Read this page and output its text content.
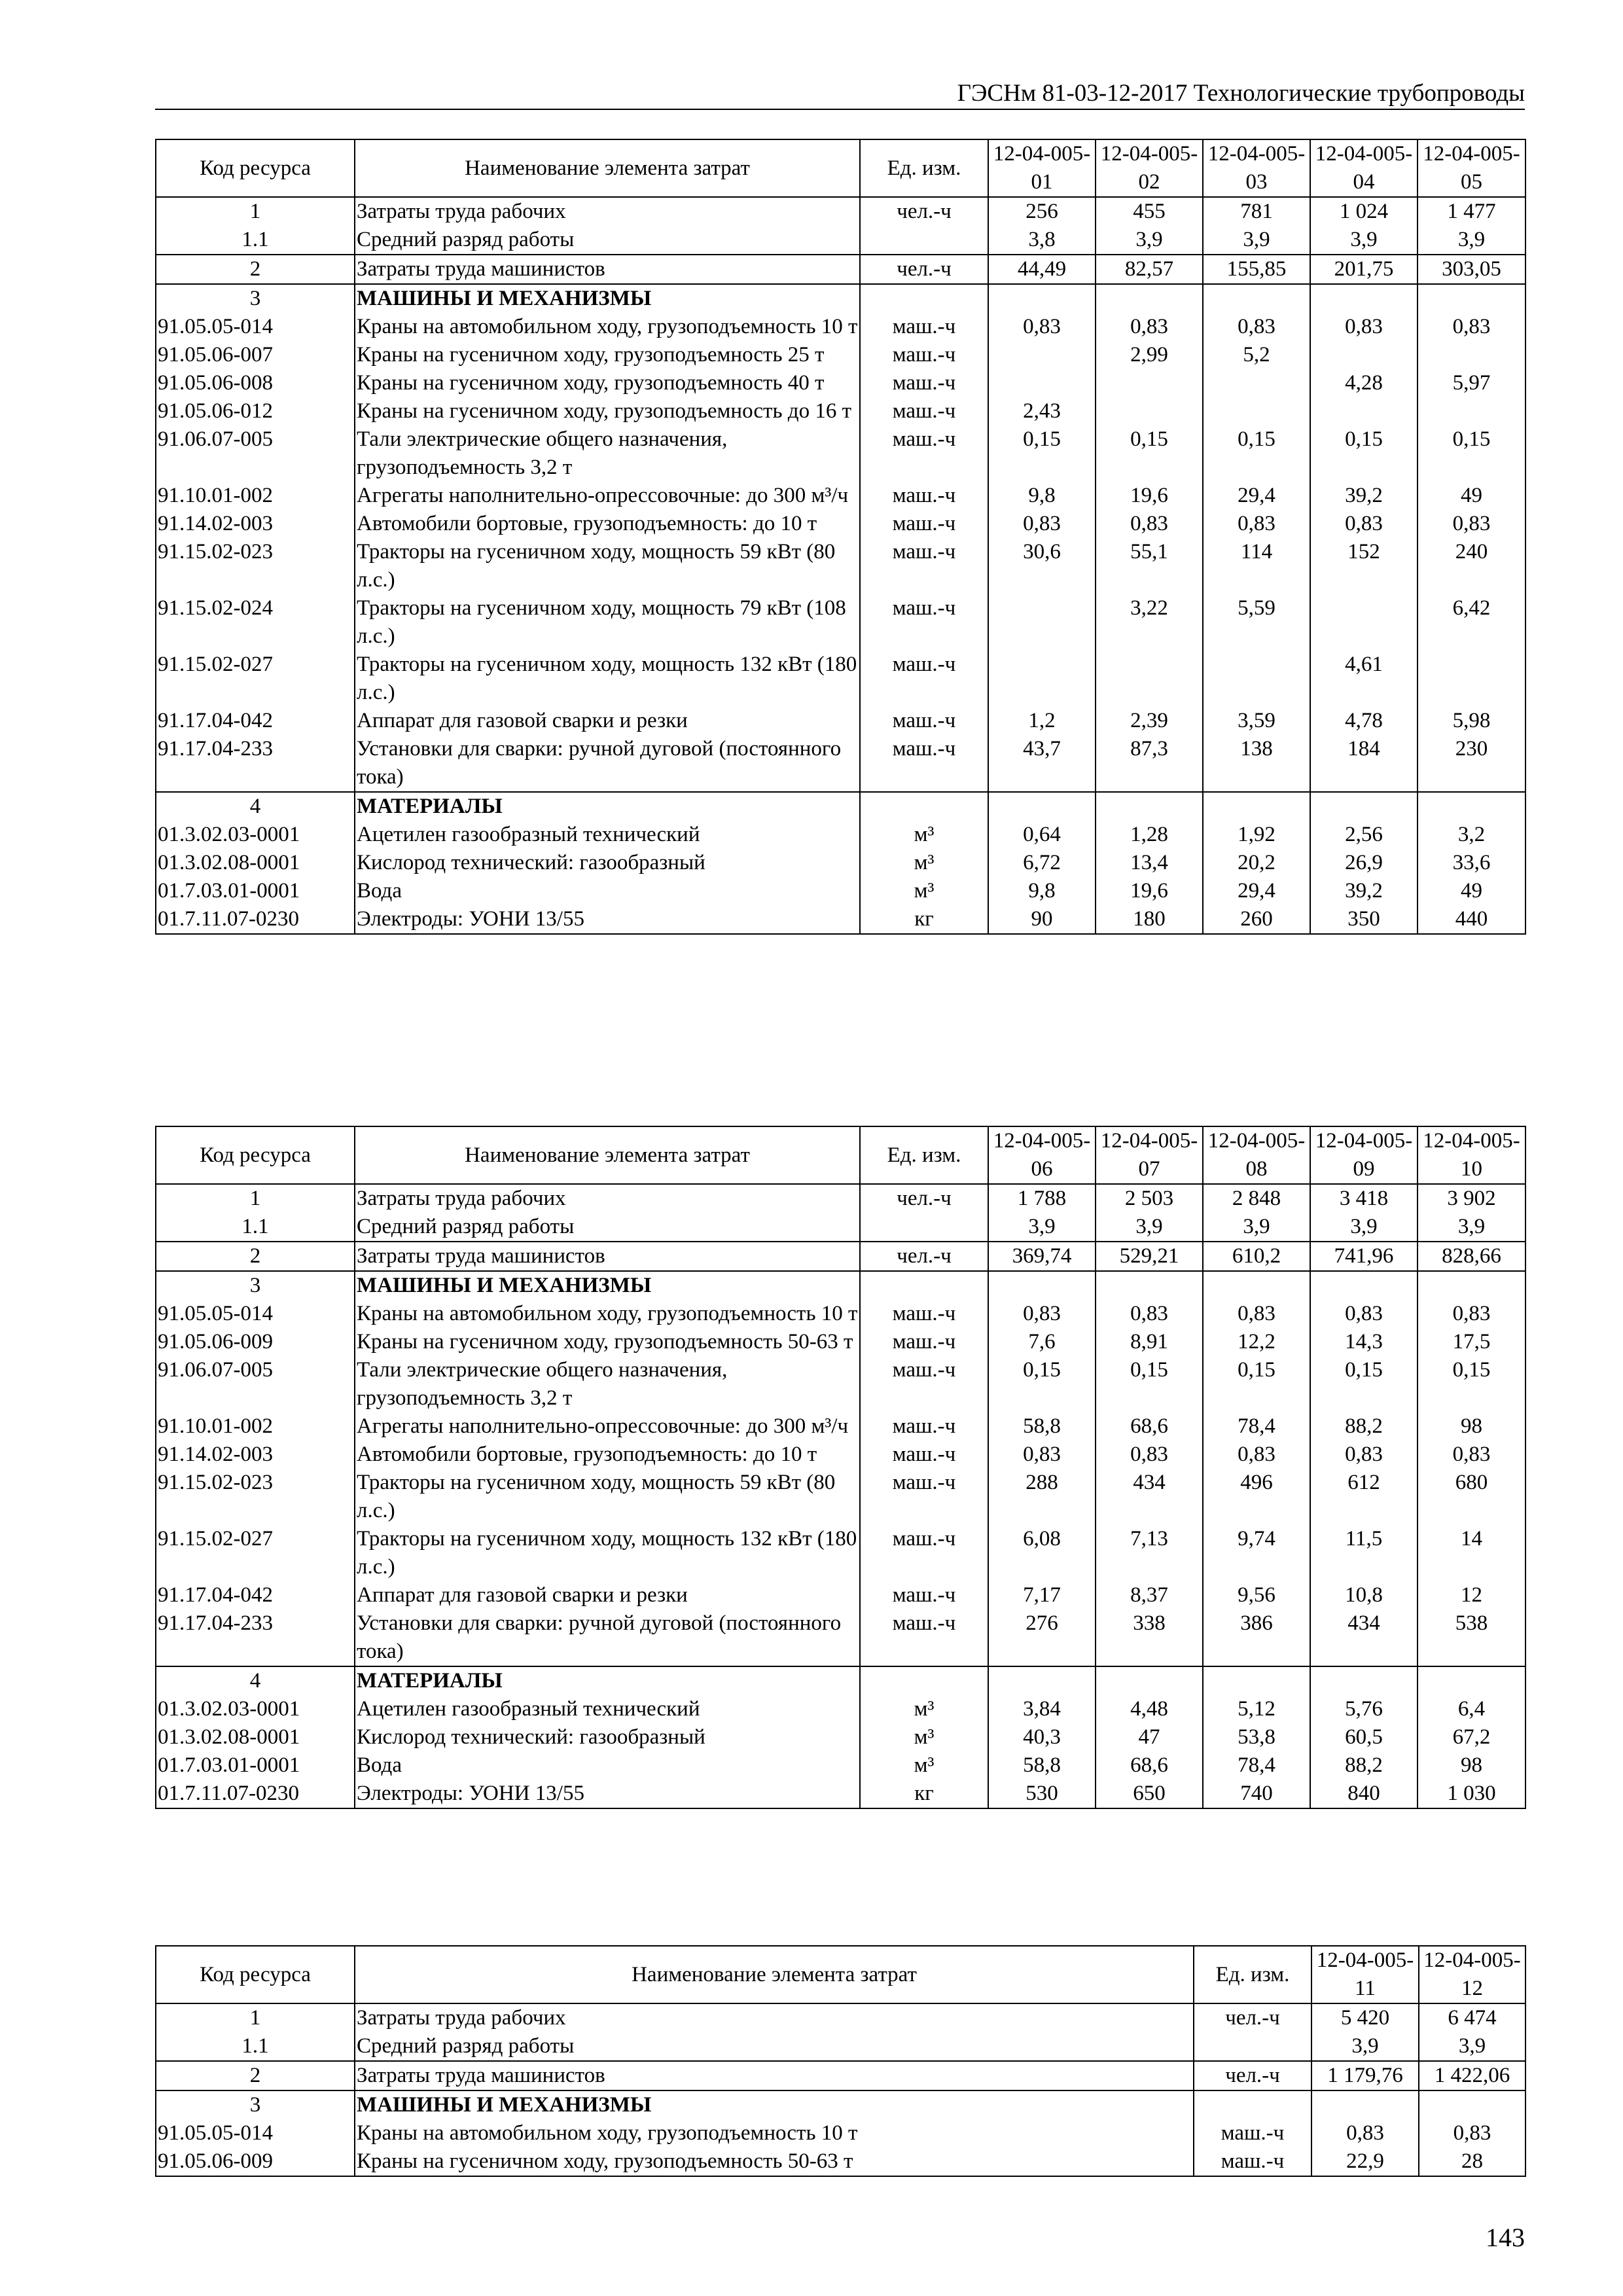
ГЭСНм 81-03-12-2017 Технологические трубопроводы
Код ресурса	Наименование элемента затрат	Ед. изм.	12-04-005-01	12-04-005-02	12-04-005-03	12-04-005-04	12-04-005-05
1	Затраты труда рабочих	чел.-ч	256	455	781	1 024	1 477
1.1	Средний разряд работы		3,8	3,9	3,9	3,9	3,9
2	Затраты труда машинистов	чел.-ч	44,49	82,57	155,85	201,75	303,05
3	МАШИНЫ И МЕХАНИЗМЫ						
91.05.05-014	Краны на автомобильном ходу, грузоподъемность 10 т	маш.-ч	0,83	0,83	0,83	0,83	0,83
91.05.06-007	Краны на гусеничном ходу, грузоподъемность 25 т	маш.-ч		2,99	5,2		
91.05.06-008	Краны на гусеничном ходу, грузоподъемность 40 т	маш.-ч				4,28	5,97
91.05.06-012	Краны на гусеничном ходу, грузоподъемность до 16 т	маш.-ч	2,43				
91.06.07-005	Тали электрические общего назначения, грузоподъемность 3,2 т	маш.-ч	0,15	0,15	0,15	0,15	0,15
91.10.01-002	Агрегаты наполнительно-опрессовочные: до 300 м³/ч	маш.-ч	9,8	19,6	29,4	39,2	49
91.14.02-003	Автомобили бортовые, грузоподъемность: до 10 т	маш.-ч	0,83	0,83	0,83	0,83	0,83
91.15.02-023	Тракторы на гусеничном ходу, мощность 59 кВт (80 л.с.)	маш.-ч	30,6	55,1	114	152	240
91.15.02-024	Тракторы на гусеничном ходу, мощность 79 кВт (108 л.с.)	маш.-ч		3,22	5,59		6,42
91.15.02-027	Тракторы на гусеничном ходу, мощность 132 кВт (180 л.с.)	маш.-ч				4,61	
91.17.04-042	Аппарат для газовой сварки и резки	маш.-ч	1,2	2,39	3,59	4,78	5,98
91.17.04-233	Установки для сварки: ручной дуговой (постоянного тока)	маш.-ч	43,7	87,3	138	184	230
4	МАТЕРИАЛЫ						
01.3.02.03-0001	Ацетилен газообразный технический	м³	0,64	1,28	1,92	2,56	3,2
01.3.02.08-0001	Кислород технический: газообразный	м³	6,72	13,4	20,2	26,9	33,6
01.7.03.01-0001	Вода	м³	9,8	19,6	29,4	39,2	49
01.7.11.07-0230	Электроды: УОНИ 13/55	кг	90	180	260	350	440
Код ресурса	Наименование элемента затрат	Ед. изм.	12-04-005-06	12-04-005-07	12-04-005-08	12-04-005-09	12-04-005-10
1	Затраты труда рабочих	чел.-ч	1 788	2 503	2 848	3 418	3 902
1.1	Средний разряд работы		3,9	3,9	3,9	3,9	3,9
2	Затраты труда машинистов	чел.-ч	369,74	529,21	610,2	741,96	828,66
3	МАШИНЫ И МЕХАНИЗМЫ						
91.05.05-014	Краны на автомобильном ходу, грузоподъемность 10 т	маш.-ч	0,83	0,83	0,83	0,83	0,83
91.05.06-009	Краны на гусеничном ходу, грузоподъемность 50-63 т	маш.-ч	7,6	8,91	12,2	14,3	17,5
91.06.07-005	Тали электрические общего назначения, грузоподъемность 3,2 т	маш.-ч	0,15	0,15	0,15	0,15	0,15
91.10.01-002	Агрегаты наполнительно-опрессовочные: до 300 м³/ч	маш.-ч	58,8	68,6	78,4	88,2	98
91.14.02-003	Автомобили бортовые, грузоподъемность: до 10 т	маш.-ч	0,83	0,83	0,83	0,83	0,83
91.15.02-023	Тракторы на гусеничном ходу, мощность 59 кВт (80 л.с.)	маш.-ч	288	434	496	612	680
91.15.02-027	Тракторы на гусеничном ходу, мощность 132 кВт (180 л.с.)	маш.-ч	6,08	7,13	9,74	11,5	14
91.17.04-042	Аппарат для газовой сварки и резки	маш.-ч	7,17	8,37	9,56	10,8	12
91.17.04-233	Установки для сварки: ручной дуговой (постоянного тока)	маш.-ч	276	338	386	434	538
4	МАТЕРИАЛЫ						
01.3.02.03-0001	Ацетилен газообразный технический	м³	3,84	4,48	5,12	5,76	6,4
01.3.02.08-0001	Кислород технический: газообразный	м³	40,3	47	53,8	60,5	67,2
01.7.03.01-0001	Вода	м³	58,8	68,6	78,4	88,2	98
01.7.11.07-0230	Электроды: УОНИ 13/55	кг	530	650	740	840	1 030
Код ресурса	Наименование элемента затрат	Ед. изм.	12-04-005-11	12-04-005-12
1	Затраты труда рабочих	чел.-ч	5 420	6 474
1.1	Средний разряд работы		3,9	3,9
2	Затраты труда машинистов	чел.-ч	1 179,76	1 422,06
3	МАШИНЫ И МЕХАНИЗМЫ			
91.05.05-014	Краны на автомобильном ходу, грузоподъемность 10 т	маш.-ч	0,83	0,83
91.05.06-009	Краны на гусеничном ходу, грузоподъемность 50-63 т	маш.-ч	22,9	28
143
